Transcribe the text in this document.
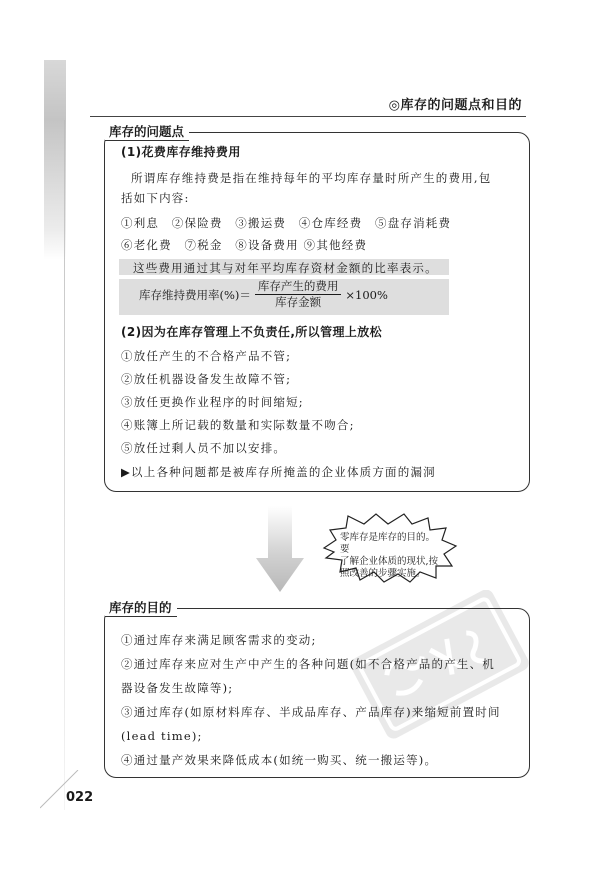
◎库存的问题点和目的
库存的问题点
(1)花费库存维持费用
所谓库存维持费是指在维持每年的平均库存量时所产生的费用,包
括如下内容:
①利息　②保险费　③搬运费　④仓库经费　⑤盘存消耗费
⑥老化费　⑦税金　⑧设备费用 ⑨其他经费
这些费用通过其与对年平均库存资材金额的比率表示。
库存维持费用率(%)＝ $\frac{\text{库存产生的费用}}{\text{库存金额}} \times 100\%$
(2)因为在库存管理上不负责任,所以管理上放松
①放任产生的不合格产品不管;
②放任机器设备发生故障不管;
③放任更换作业程序的时间缩短;
④账簿上所记载的数量和实际数量不吻合;
⑤放任过剩人员不加以安排。
▶以上各种问题都是被库存所掩盖的企业体质方面的漏洞
零库存是库存的目的。要
了解企业体质的现状,按
照改善的步骤实施。
库存的目的
①通过库存来满足顾客需求的变动;
②通过库存来应对生产中产生的各种问题(如不合格产品的产生、机
器设备发生故障等);
③通过库存(如原材料库存、半成品库存、产品库存)来缩短前置时间
(lead time);
④通过量产效果来降低成本(如统一购买、统一搬运等)。
022
